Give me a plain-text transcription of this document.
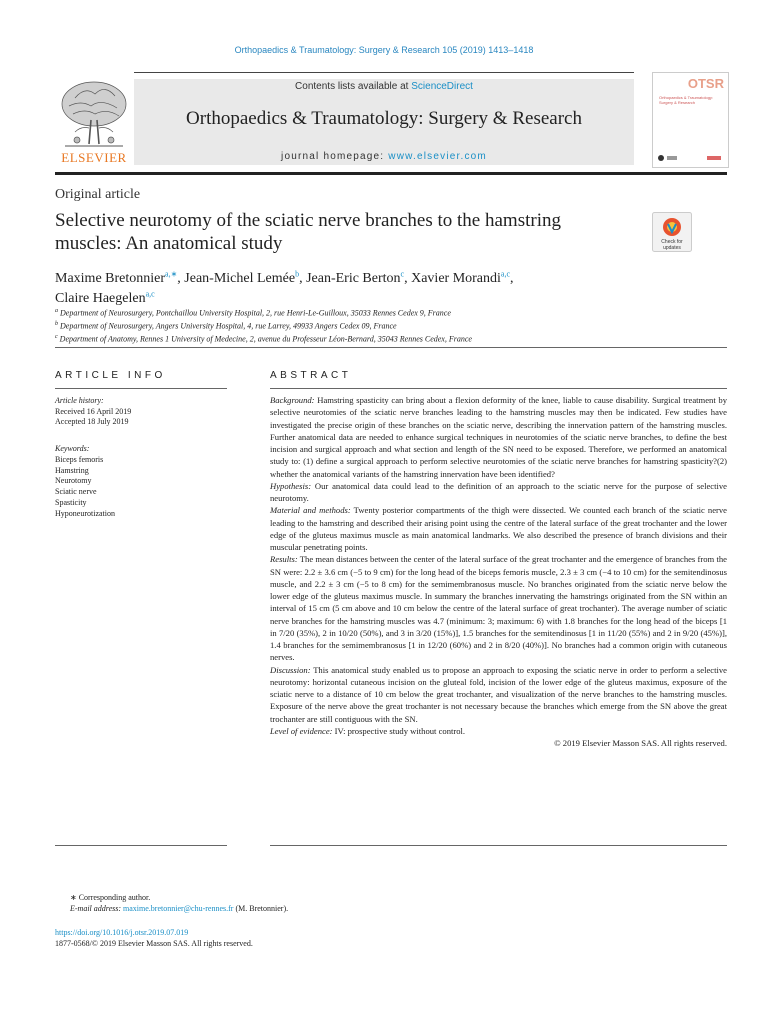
Orthopaedics & Traumatology: Surgery & Research 105 (2019) 1413–1418
Contents lists available at ScienceDirect
Orthopaedics & Traumatology: Surgery & Research
journal homepage: www.elsevier.com
ELSEVIER
OTSR
Orthopaedics & Traumatology: Surgery & Research
Original article
Selective neurotomy of the sciatic nerve branches to the hamstring muscles: An anatomical study	Check for
updates
Maxime Bretonnier$^{a,∗}$, Jean-Michel Lemée$^b$, Jean-Eric Berton$^c$, Xavier Morandi$^{a,c}$,
Claire Haegelen$^{a,c}$
$^a$ Department of Neurosurgery, Pontchaillou University Hospital, 2, rue Henri-Le-Guilloux, 35033 Rennes Cedex 9, France
$^b$ Department of Neurosurgery, Angers University Hospital, 4, rue Larrey, 49933 Angers Cedex 09, France
$^c$ Department of Anatomy, Rennes 1 University of Medecine, 2, avenue du Professeur Léon-Bernard, 35043 Rennes Cedex, France
ARTICLE INFO
Article history:
Received 16 April 2019
Accepted 18 July 2019
Keywords:
Biceps femoris
Hamstring
Neurotomy
Sciatic nerve
Spasticity
Hyponeurotization
ABSTRACT

Background: Hamstring spasticity can bring about a flexion deformity of the knee, liable to cause disability. Surgical treatment by selective neurotomies of the sciatic nerve branches leading to the hamstring muscles may then be indicated. Few studies have investigated the precise origin of these branches on the sciatic nerve, describing the innervation pattern of the hamstring muscles. Further anatomical data are needed to enhance surgical techniques in neurotomies of the sciatic nerve branches, to define the best incision and surgical approach and what section and length of the SN need to be exposed. Therefore, we performed an anatomical study to: (1) define a surgical approach to perform selective neurotomies of the sciatic nerve branches for hamstring spasticity?(2) whether the anatomical variants of the hamstring innervation have been identified?

Hypothesis: Our anatomical data could lead to the definition of an approach to the sciatic nerve for the purpose of selective neurotomy.

Material and methods: Twenty posterior compartments of the thigh were dissected. We counted each branch of the sciatic nerve leading to the hamstring and described their arising point using the centre of the lateral surface of the great trochanter and the lower edge of the gluteus maximus muscle as main anatomical landmarks. We also described the presence of branch divisions and their muscular penetrating points.

Results: The mean distances between the center of the lateral surface of the great trochanter and the emergence of branches from the SN were: 2.2 ± 3.6 cm (−5 to 9 cm) for the long head of the biceps femoris muscle, 2.3 ± 3 cm (−4 to 10 cm) for the semitendinosus muscle, and 2.2 ± 3 cm (−5 to 8 cm) for the semimembranosus muscle. No branches originated from the sciatic nerve below the lower edge of the gluteus maximus muscle. In summary the branches innervating the hamstrings originated from the SN within an interval of 15 cm (5 cm above and 10 cm below the centre of the lateral surface of great trochanter). The average number of sciatic nerve branches for the hamstring muscles was 4.7 (minimum: 3; maximum: 6) with 1.8 branches for the long head of the biceps [1 in 7/20 (35%), 2 in 10/20 (50%), and 3 in 3/20 (15%)], 1.5 branches for the semitendinosus [1 in 11/20 (55%) and 2 in 9/20 (45%)], 1.4 branches for the semimembranosus [1 in 12/20 (60%) and 2 in 8/20 (40%)]. No branches had a common origin with cutaneous nerves.

Discussion: This anatomical study enabled us to propose an approach to exposing the sciatic nerve in order to perform a selective neurotomy: horizontal cutaneous incision on the gluteal fold, incision of the lower edge of the gluteus maximus, exposure of the sciatic nerve to a distance of 10 cm below the great trochanter, and visualization of the nerve branches to the hamstring muscles. Exposure of the nerve above the great trochanter is not necessary because the branches which emerge from the SN above the great trochanter are still contiguous with the SN.

Level of evidence: IV: prospective study without control.

© 2019 Elsevier Masson SAS. All rights reserved.

∗ Corresponding author.
E-mail address: maxime.bretonnier@chu-rennes.fr (M. Bretonnier).
https://doi.org/10.1016/j.otsr.2019.07.019
1877-0568/© 2019 Elsevier Masson SAS. All rights reserved.
